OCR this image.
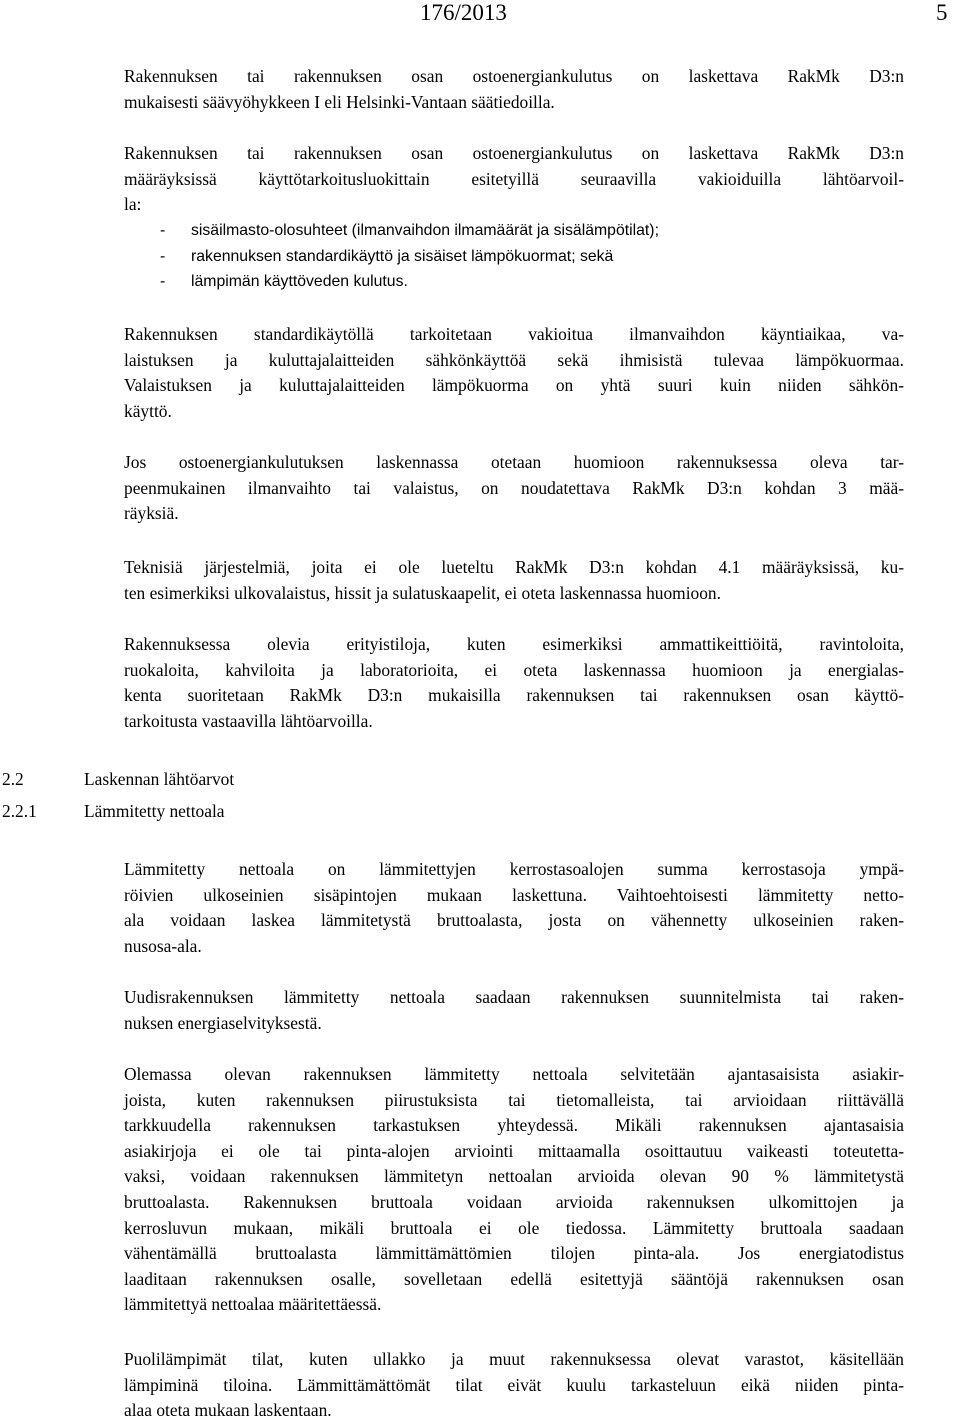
176/2013	5
Rakennuksen tai rakennuksen osan ostoenergiankulutus on laskettava RakMk D3:n
mukaisesti säävyöhykkeen I eli Helsinki-Vantaan säätiedoilla.
Rakennuksen tai rakennuksen osan ostoenergiankulutus on laskettava RakMk D3:n
määräyksissä käyttötarkoitusluokittain esitetyillä seuraavilla vakioiduilla lähtöarvoil-
la:
- sisäilmasto-olosuhteet (ilmanvaihdon ilmamäärät ja sisälämpötilat);
- rakennuksen standardikäyttö ja sisäiset lämpökuormat; sekä
- lämpimän käyttöveden kulutus.
Rakennuksen standardikäytöllä tarkoitetaan vakioitua ilmanvaihdon käyntiaikaa, va-
laistuksen ja kuluttajalaitteiden sähkönkäyttöä sekä ihmisistä tulevaa lämpökuormaa.
Valaistuksen ja kuluttajalaitteiden lämpökuorma on yhtä suuri kuin niiden sähkön-
käyttö.
Jos ostoenergiankulutuksen laskennassa otetaan huomioon rakennuksessa oleva tar-
peenmukainen ilmanvaihto tai valaistus, on noudatettava RakMk D3:n kohdan 3 mää-
räyksiä.
Teknisiä järjestelmiä, joita ei ole lueteltu RakMk D3:n kohdan 4.1 määräyksissä, ku-
ten esimerkiksi ulkovalaistus, hissit ja sulatuskaapelit, ei oteta laskennassa huomioon.
Rakennuksessa olevia erityistiloja, kuten esimerkiksi ammattikeittiöitä, ravintoloita,
ruokaloita, kahviloita ja laboratorioita, ei oteta laskennassa huomioon ja energialas-
kenta suoritetaan RakMk D3:n mukaisilla rakennuksen tai rakennuksen osan käyttö-
tarkoitusta vastaavilla lähtöarvoilla.
2.2	Laskennan lähtöarvot
2.2.1	Lämmitetty nettoala
Lämmitetty nettoala on lämmitettyjen kerrostasoalojen summa kerrostasoja ympä-
röivien ulkoseinien sisäpintojen mukaan laskettuna. Vaihtoehtoisesti lämmitetty netto-
ala voidaan laskea lämmitetystä bruttoalasta, josta on vähennetty ulkoseinien raken-
nusosa-ala.
Uudisrakennuksen lämmitetty nettoala saadaan rakennuksen suunnitelmista tai raken-
nuksen energiaselvityksestä.
Olemassa olevan rakennuksen lämmitetty nettoala selvitetään ajantasaisista asiakir-
joista, kuten rakennuksen piirustuksista tai tietomalleista, tai arvioidaan riittävällä
tarkkuudella rakennuksen tarkastuksen yhteydessä. Mikäli rakennuksen ajantasaisia
asiakirjoja ei ole tai pinta-alojen arviointi mittaamalla osoittautuu vaikeasti toteutetta-
vaksi, voidaan rakennuksen lämmitetyn nettoalan arvioida olevan 90 % lämmitetystä
bruttoalasta. Rakennuksen bruttoala voidaan arvioida rakennuksen ulkomittojen ja
kerrosluvun mukaan, mikäli bruttoala ei ole tiedossa. Lämmitetty bruttoala saadaan
vähentämällä bruttoalasta lämmittämättömien tilojen pinta-ala. Jos energiatodistus
laaditaan rakennuksen osalle, sovelletaan edellä esitettyjä sääntöjä rakennuksen osan
lämmitettyä nettoalaa määritettäessä.
Puolilämpimät tilat, kuten ullakko ja muut rakennuksessa olevat varastot, käsitellään
lämpiminä tiloina. Lämmittämättömät tilat eivät kuulu tarkasteluun eikä niiden pinta-
alaa oteta mukaan laskentaan.
